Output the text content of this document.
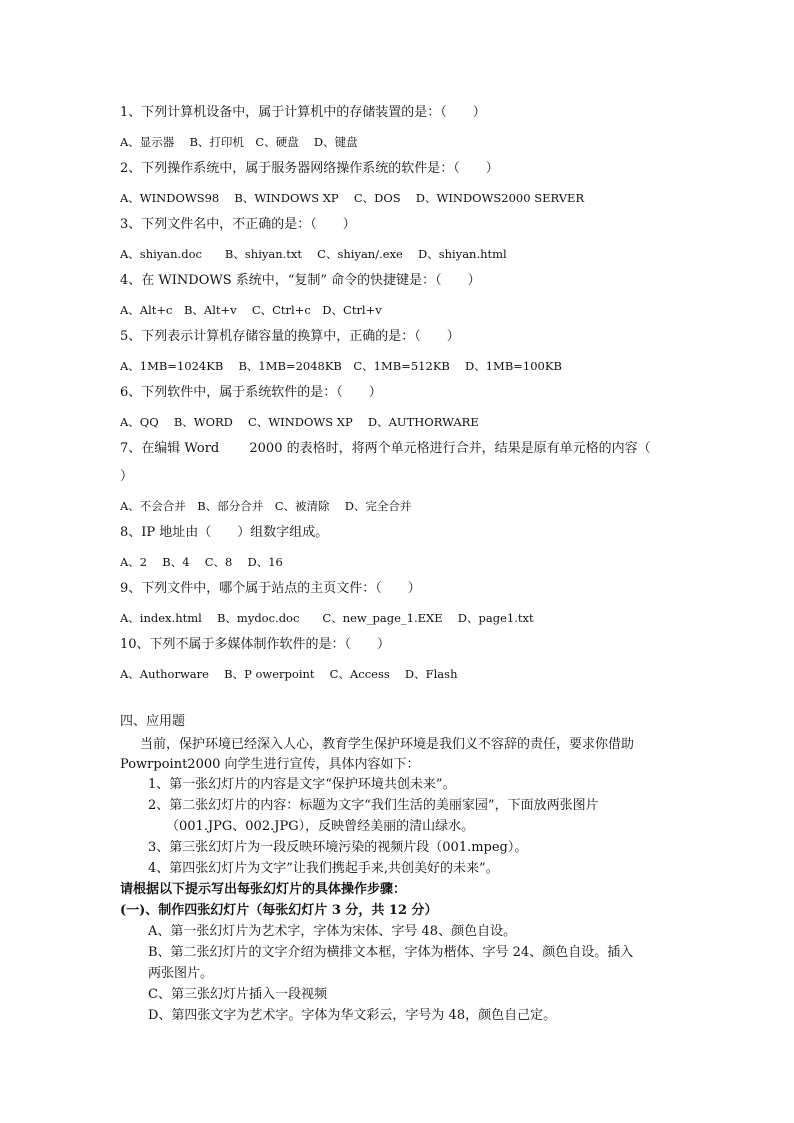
1、下列计算机设备中，属于计算机中的存储装置的是：（　　）
A、显示器　 B、打印机　C、硬盘　 D、键盘
2、下列操作系统中，属于服务器网络操作系统的软件是：（　　）
A、WINDOWS98　 B、WINDOWS XP　 C、DOS　 D、WINDOWS2000 SERVER
3、下列文件名中，不正确的是：（　　）
A、shiyan.doc　　B、shiyan.txt　 C、shiyan/.exe　 D、shiyan.html
4、在 WINDOWS 系统中，“复制” 命令的快捷键是：（　　）
A、Alt+c　B、Alt+v　 C、Ctrl+c　D、Ctrl+v
5、下列表示计算机存储容量的换算中，正确的是：（　　）
A、1MB=1024KB　 B、1MB=2048KB　C、1MB=512KB　 D、1MB=100KB
6、下列软件中，属于系统软件的是：（　　）
A、QQ　 B、WORD　 C、WINDOWS XP　 D、AUTHORWARE
7、在编辑 Word　　 2000 的表格时，将两个单元格进行合并，结果是原有单元格的内容（
）
A、不会合并　B、部分合并　C、被清除　 D、完全合并
8、IP 地址由（　　）组数字组成。
A、2　 B、4　 C、8　 D、16
9、下列文件中，哪个属于站点的主页文件：（　　）
A、index.html　 B、mydoc.doc　　C、new_page_1.EXE　 D、page1.txt
10、下列不属于多媒体制作软件的是：（　　）
A、Authorware　 B、P owerpoint　 C、Access　 D、Flash
四、应用题
当前，保护环境已经深入人心，教育学生保护环境是我们义不容辞的责任，要求你借助
Powrpoint2000 向学生进行宣传，具体内容如下：
1、第一张幻灯片的内容是文字“保护环境共创未来”。
2、第二张幻灯片的内容：标题为文字“我们生活的美丽家园”，下面放两张图片
（001.JPG、002.JPG），反映曾经美丽的清山绿水。
3、第三张幻灯片为一段反映环境污染的视频片段（001.mpeg）。
4、第四张幻灯片为文字”让我们携起手来,共创美好的未来”。
请根据以下提示写出每张幻灯片的具体操作步骤：
(一)、制作四张幻灯片（每张幻灯片 3 分，共 12 分）
A、第一张幻灯片为艺术字，字体为宋体、字号 48、颜色自设。
B、第二张幻灯片的文字介绍为横排文本框，字体为楷体、字号 24、颜色自设。插入
两张图片。
C、第三张幻灯片插入一段视频
D、第四张文字为艺术字。字体为华文彩云，字号为 48，颜色自己定。
